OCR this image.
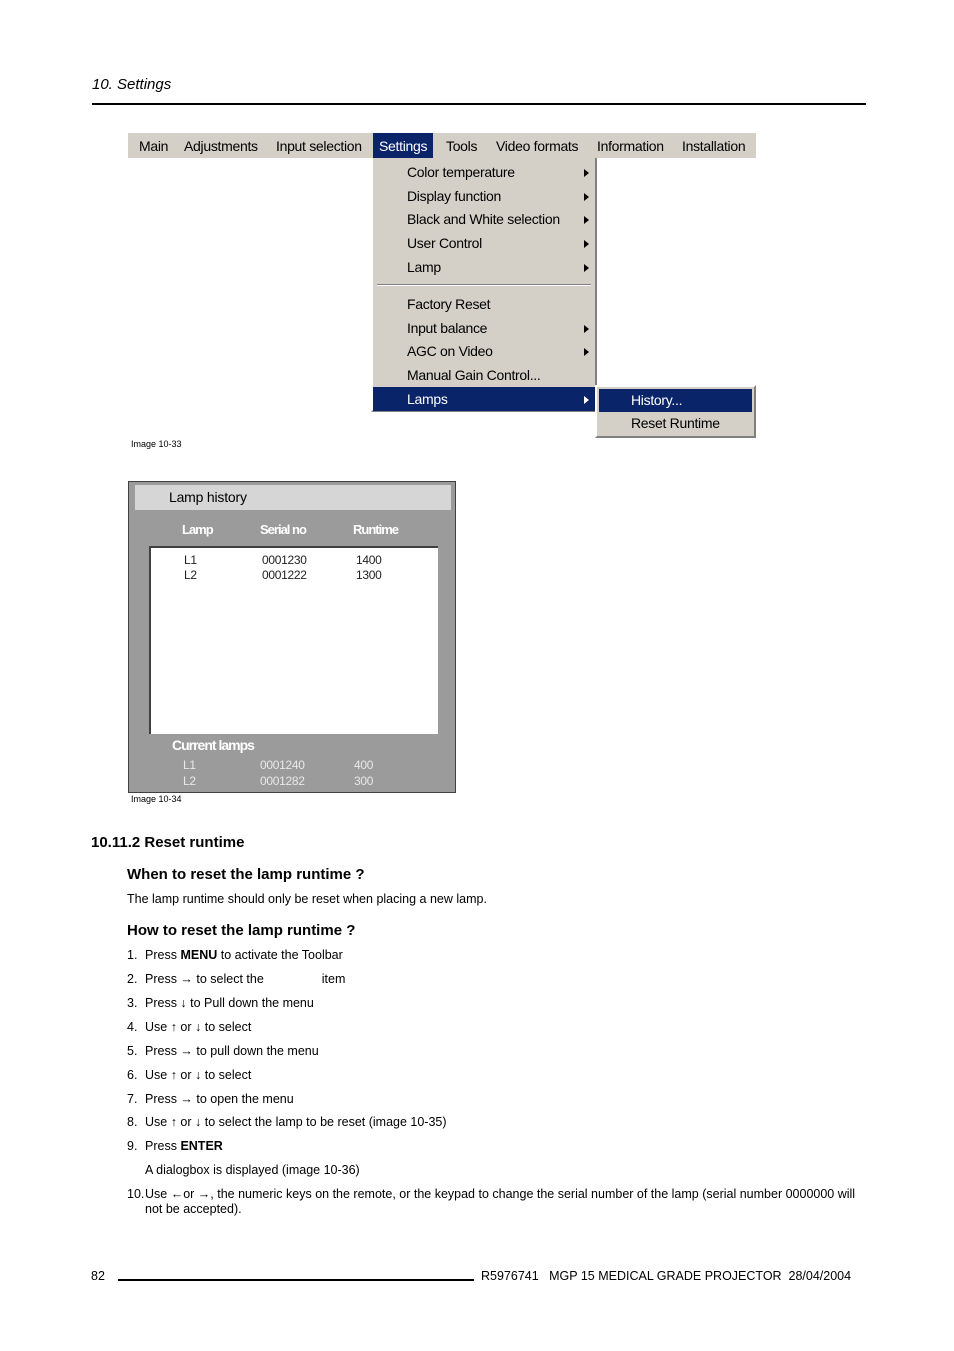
10. Settings
Main Adjustments Input selection	Settings	Tools Video formats Information Installation
Color temperature
Display function
Black and White selection
User Control
Lamp
Factory Reset
Input balance
AGC on Video
Manual Gain Control...
Lamps	History...
Reset Runtime
Image 10-33
Lamp history
Lamp	Serial no	Runtime
L1	0001230	1400
L2	0001222	1300
Current lamps
L1	0001240	400
L2	0001282	300
Image 10-34
10.11.2 Reset runtime
When to reset the lamp runtime ?
The lamp runtime should only be reset when placing a new lamp.
How to reset the lamp runtime ?
1. Press MENU to activate the Toolbar
2. Press → to select the	item
3. Press ↓ to Pull down the menu
4. Use ↑ or ↓ to select
5. Press → to pull down the menu
6. Use ↑ or ↓ to select
7. Press → to open the menu
8. Use ↑ or ↓ to select the lamp to be reset (image 10-35)
9. Press ENTER
A dialogbox is displayed (image 10-36)
10. Use ←or →, the numeric keys on the remote, or the keypad to change the serial number of the lamp (serial number 0000000 will
not be accepted).
82	R5976741   MGP 15 MEDICAL GRADE PROJECTOR  28/04/2004
